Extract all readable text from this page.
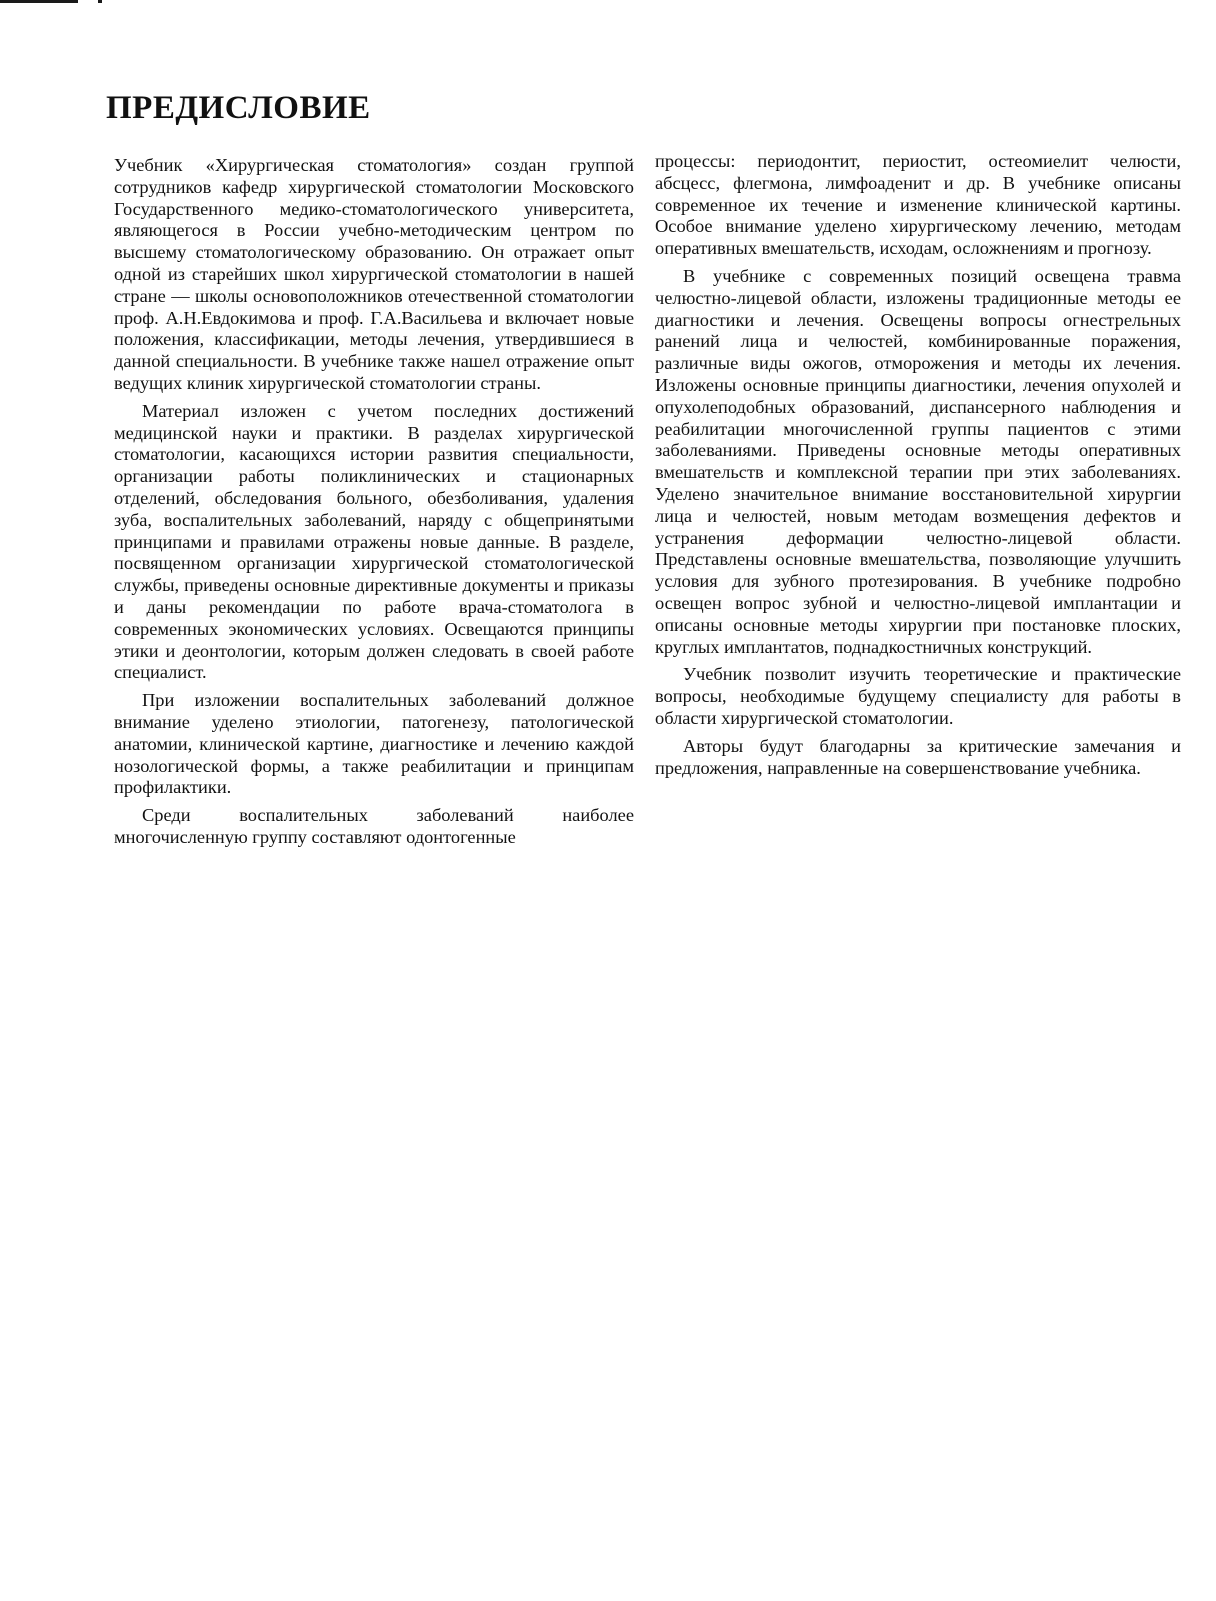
ПРЕДИСЛОВИЕ

Учебник «Хирургическая стоматология» создан группой сотрудников кафедр хирургической стоматологии Московского Государственного медико-стоматологического университета, являющегося в России учебно-методическим центром по высшему стоматологическому образованию. Он отражает опыт одной из старейших школ хирургической стоматологии в нашей стране — школы основоположников отечественной стоматологии проф. А.Н.Евдокимова и проф. Г.А.Васильева и включает новые положения, классификации, методы лечения, утвердившиеся в данной специальности. В учебнике также нашел отражение опыт ведущих клиник хирургической стоматологии страны.

Материал изложен с учетом последних достижений медицинской науки и практики. В разделах хирургической стоматологии, касающихся истории развития специальности, организации работы поликлинических и стационарных отделений, обследования больного, обезболивания, удаления зуба, воспалительных заболеваний, наряду с общепринятыми принципами и правилами отражены новые данные. В разделе, посвященном организации хирургической стоматологической службы, приведены основные директивные документы и приказы и даны рекомендации по работе врача-стоматолога в современных экономических условиях. Освещаются принципы этики и деонтологии, которым должен следовать в своей работе специалист.

При изложении воспалительных заболеваний должное внимание уделено этиологии, патогенезу, патологической анатомии, клинической картине, диагностике и лечению каждой нозологической формы, а также реабилитации и принципам профилактики.

Среди воспалительных заболеваний наиболее многочисленную группу составляют одонтогенные

процессы: периодонтит, периостит, остеомиелит челюсти, абсцесс, флегмона, лимфоаденит и др. В учебнике описаны современное их течение и изменение клинической картины. Особое внимание уделено хирургическому лечению, методам оперативных вмешательств, исходам, осложнениям и прогнозу.

В учебнике с современных позиций освещена травма челюстно-лицевой области, изложены традиционные методы ее диагностики и лечения. Освещены вопросы огнестрельных ранений лица и челюстей, комбинированные поражения, различные виды ожогов, отморожения и методы их лечения. Изложены основные принципы диагностики, лечения опухолей и опухолеподобных образований, диспансерного наблюдения и реабилитации многочисленной группы пациентов с этими заболеваниями. Приведены основные методы оперативных вмешательств и комплексной терапии при этих заболеваниях. Уделено значительное внимание восстановительной хирургии лица и челюстей, новым методам возмещения дефектов и устранения деформации челюстно-лицевой области. Представлены основные вмешательства, позволяющие улучшить условия для зубного протезирования. В учебнике подробно освещен вопрос зубной и челюстно-лицевой имплантации и описаны основные методы хирургии при постановке плоских, круглых имплантатов, поднадкостничных конструкций.

Учебник позволит изучить теоретические и практические вопросы, необходимые будущему специалисту для работы в области хирургической стоматологии.

Авторы будут благодарны за критические замечания и предложения, направленные на совершенствование учебника.
